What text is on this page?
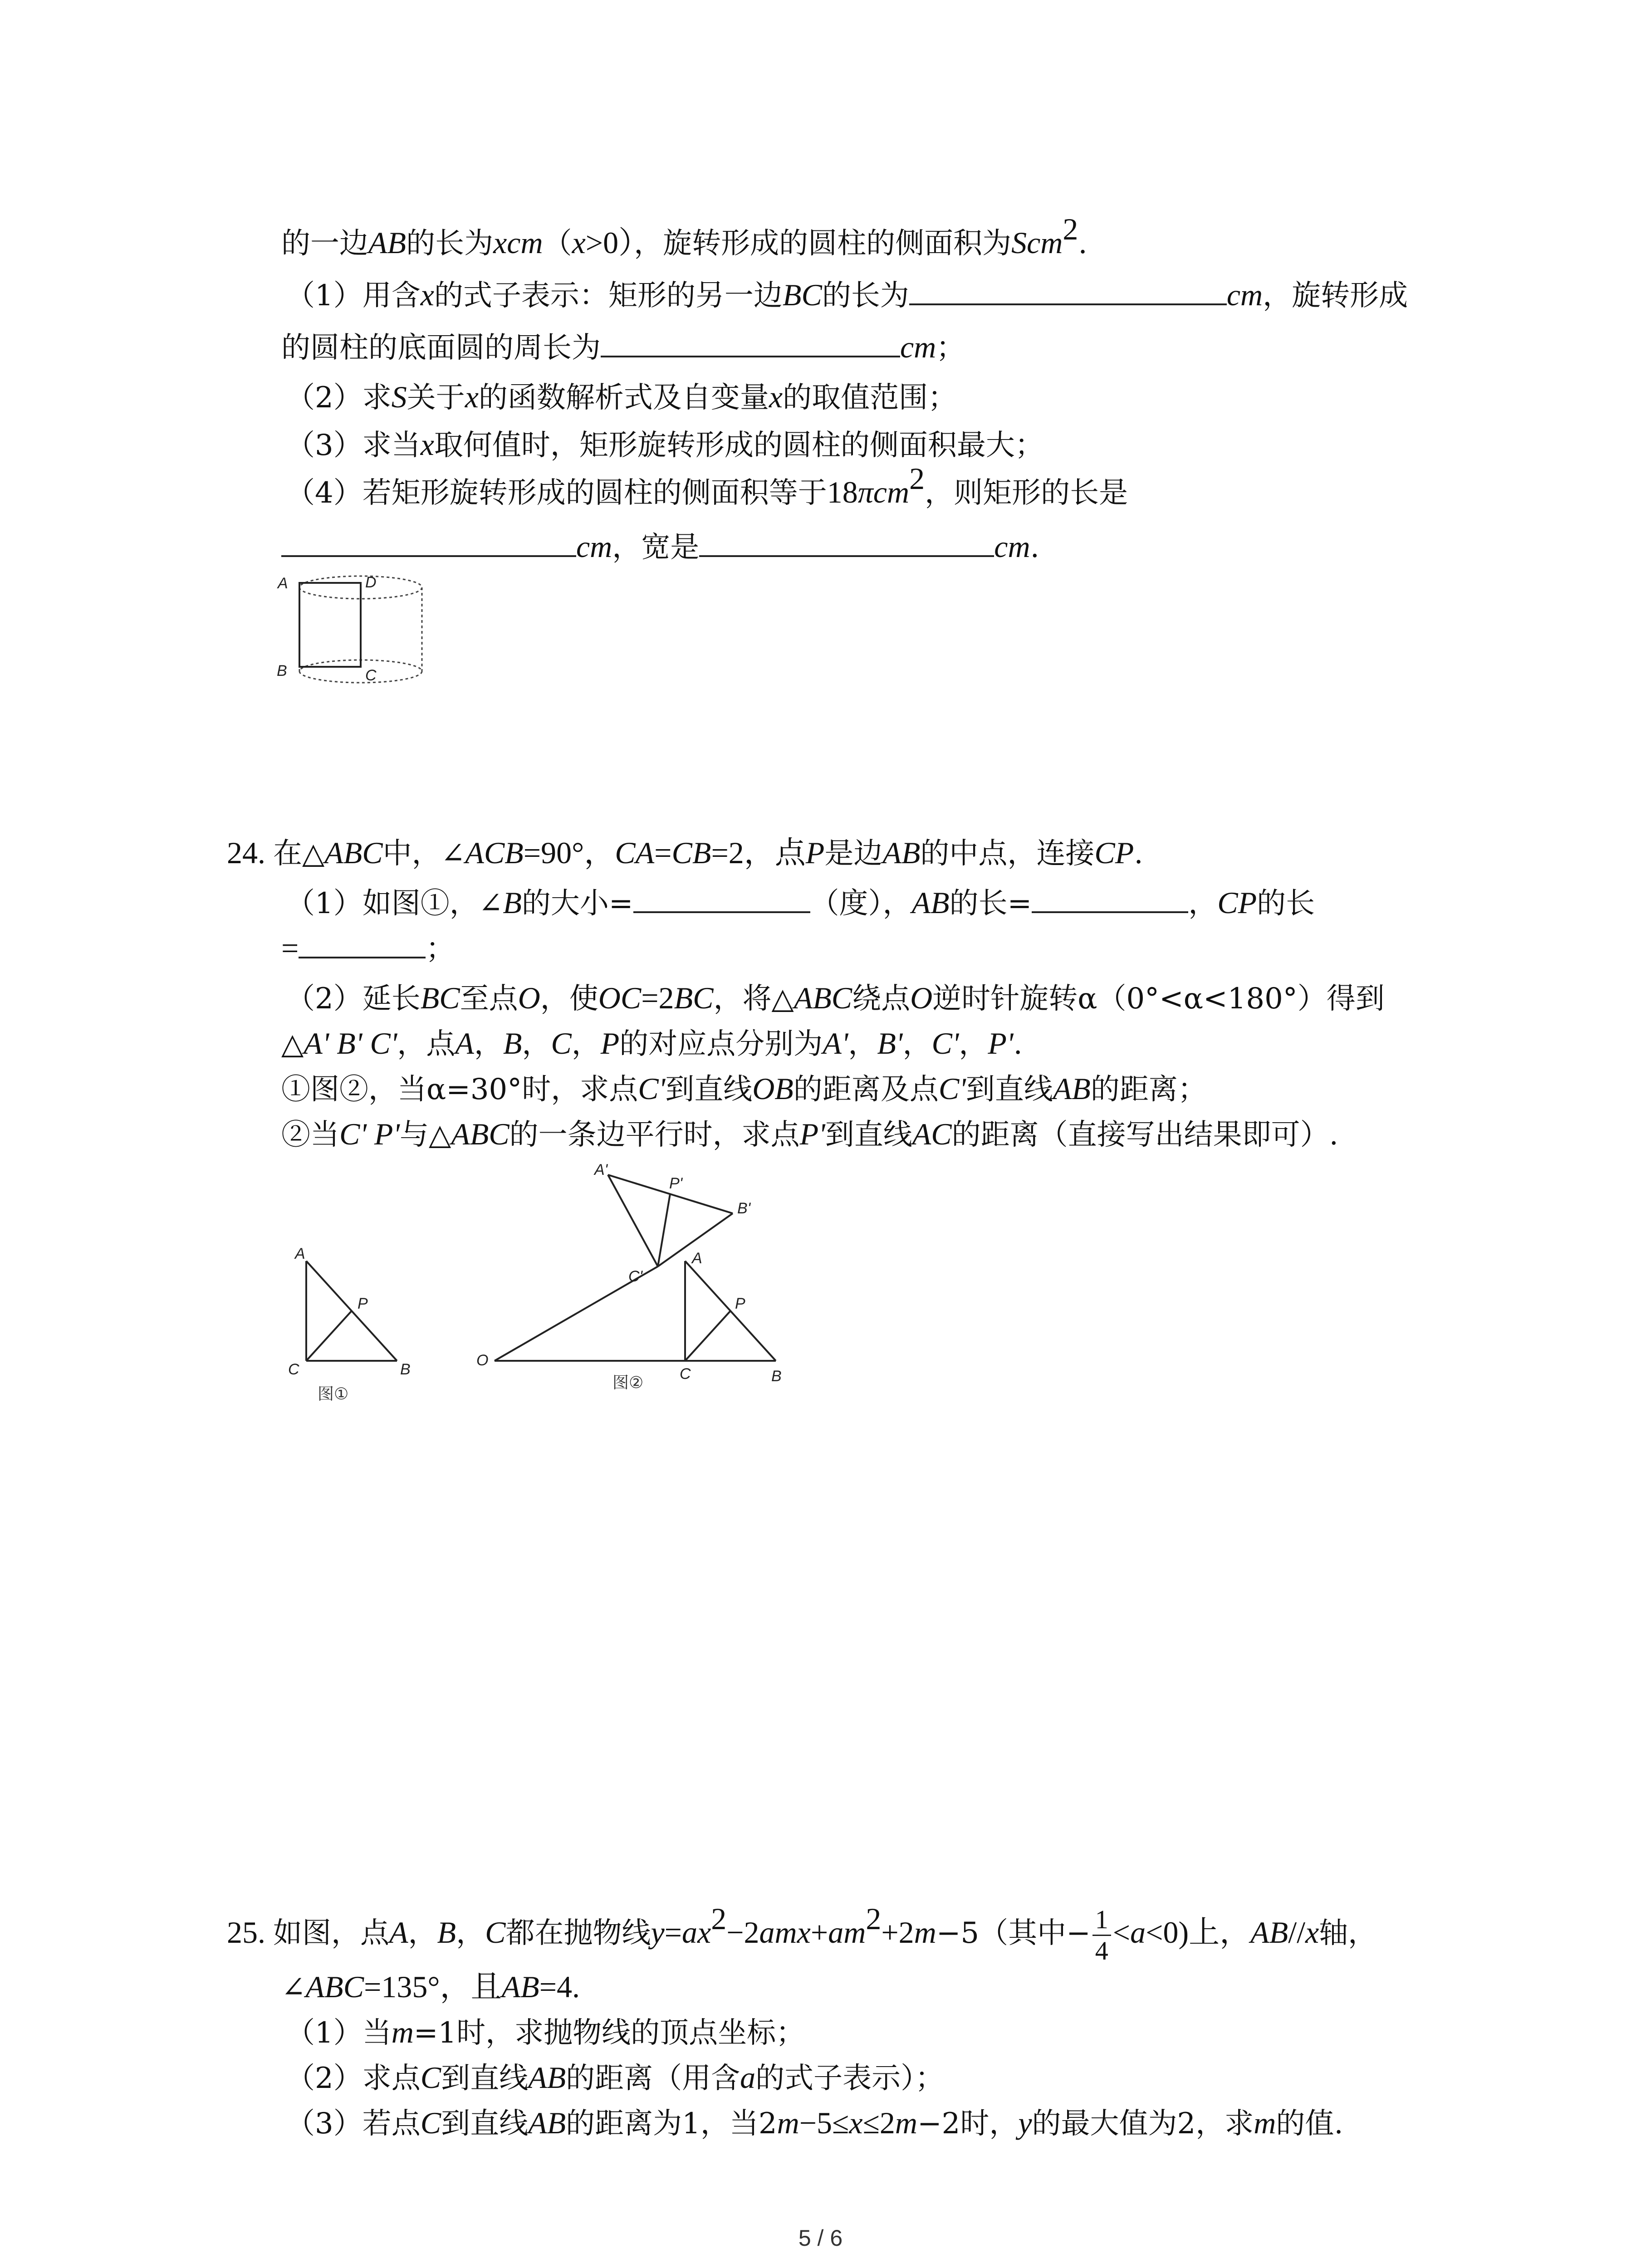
的一边AB的长为xcm（x>0），旋转形成的圆柱的侧面积为Scm$^2$.
（1）用含x的式子表示：矩形的另一边BC的长为	cm，旋转形成
的圆柱的底面圆的周长为	cm；
（2）求S关于x的函数解析式及自变量x的取值范围；
（3）求当x取何值时，矩形旋转形成的圆柱的侧面积最大；
（4）若矩形旋转形成的圆柱的侧面积等于18πcm$^2$，则矩形的长是
cm，宽是	cm.
A	D
B	C
24. 在△ABC中，∠ACB=90°，CA=CB=2，点P是边AB的中点，连接CP.
（1）如图①，∠B的大小=	（度），AB的长=	，CP的长
=	；
（2）延长BC至点O，使OC=2BC，将△ABC绕点O逆时针旋转α（0°<α<180°）得到
△A' B' C'，点A，B，C，P的对应点分别为A'，B'，C'，P'.
①图②，当α=30°时，求点C'到直线OB的距离及点C'到直线AB的距离；
②当C' P'与△ABC的一条边平行时，求点P'到直线AC的距离（直接写出结果即可）.
A
P
C	B
图①
A'
P'
B'
C'
A
P
O
C	B
图②
25. 如图，点A，B，C都在抛物线$y=ax^2-2amx+am^2+2m-5$（其中− $\frac{1}{4} <a<0$)上，AB//x轴，
∠ABC=135°，且AB=4.
（1）当m=1时，求抛物线的顶点坐标；
（2）求点C到直线AB的距离（用含a的式子表示）；
（3）若点C到直线AB的距离为1，当2m−5≤x≤2m−2时，y的最大值为2，求m的值.
5 / 6
